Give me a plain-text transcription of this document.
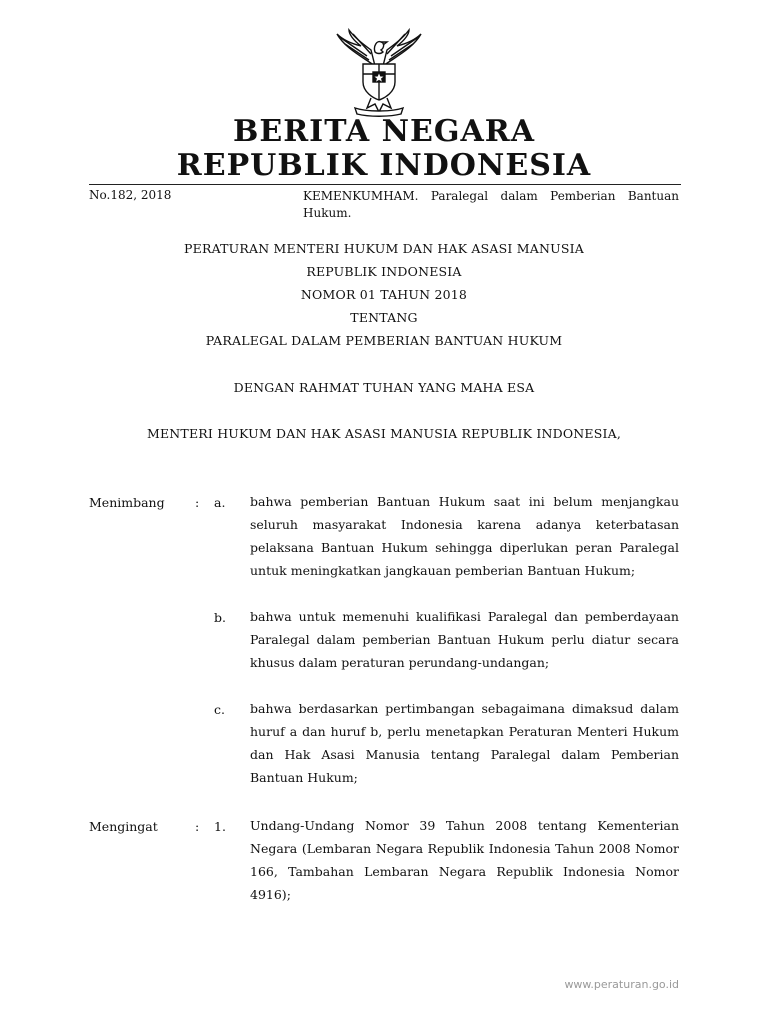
BERITA NEGARA
REPUBLIK INDONESIA
No.182, 2018	KEMENKUMHAM. Paralegal dalam Pemberian Bantuan Hukum.
PERATURAN MENTERI HUKUM DAN HAK ASASI MANUSIA
REPUBLIK INDONESIA
NOMOR 01 TAHUN 2018
TENTANG
PARALEGAL DALAM PEMBERIAN BANTUAN HUKUM
DENGAN RAHMAT TUHAN YANG MAHA ESA
MENTERI HUKUM DAN HAK ASASI MANUSIA REPUBLIK INDONESIA,
Menimbang : a. bahwa pemberian Bantuan Hukum saat ini belum menjangkau seluruh masyarakat Indonesia karena adanya keterbatasan pelaksana Bantuan Hukum sehingga diperlukan peran Paralegal untuk meningkatkan jangkauan pemberian Bantuan Hukum;
b. bahwa untuk memenuhi kualifikasi Paralegal dan pemberdayaan Paralegal dalam pemberian Bantuan Hukum perlu diatur secara khusus dalam peraturan perundang-undangan;
c. bahwa berdasarkan pertimbangan sebagaimana dimaksud dalam huruf a dan huruf b, perlu menetapkan Peraturan Menteri Hukum dan Hak Asasi Manusia tentang Paralegal dalam Pemberian Bantuan Hukum;
Mengingat	: 1. Undang-Undang Nomor 39 Tahun 2008 tentang Kementerian Negara (Lembaran Negara Republik Indonesia Tahun 2008 Nomor 166, Tambahan Lembaran Negara Republik Indonesia Nomor 4916);
www.peraturan.go.id
